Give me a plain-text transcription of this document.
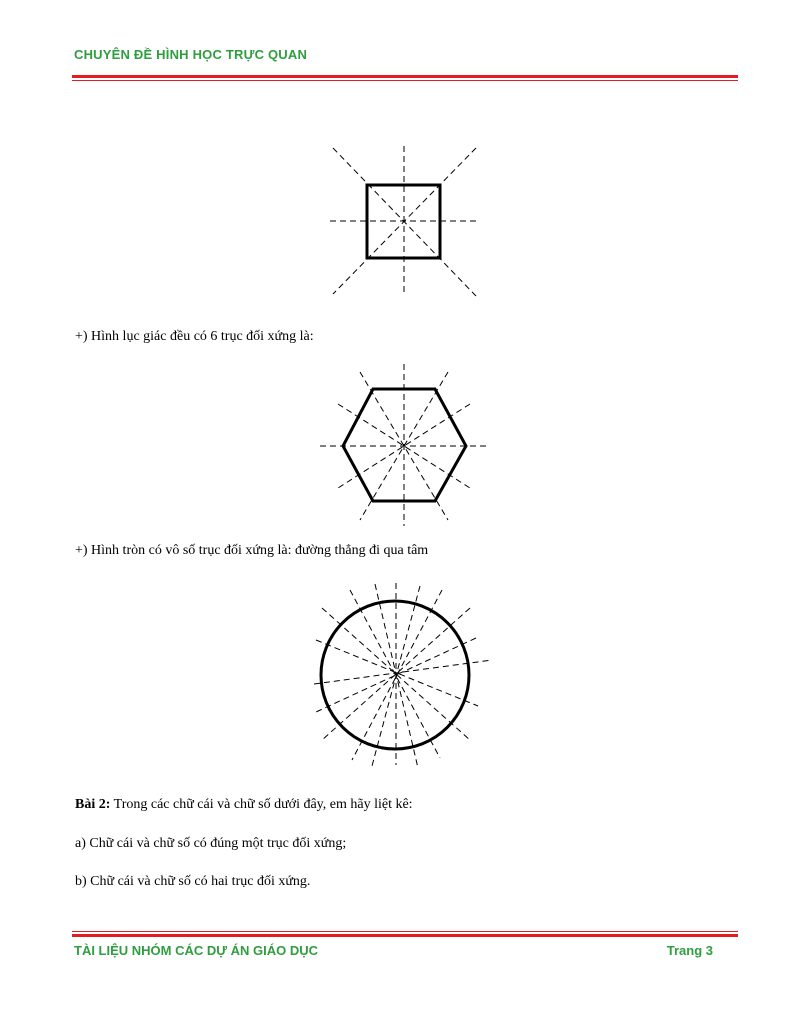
CHUYÊN ĐỀ HÌNH HỌC TRỰC QUAN
+) Hình lục giác đều có 6 trục đối xứng là:
+) Hình tròn có vô số trục đối xứng là: đường thẳng đi qua tâm
Bài 2: Trong các chữ cái và chữ số dưới đây, em hãy liệt kê:
a) Chữ cái và chữ số có đúng một trục đối xứng;
b) Chữ cái và chữ số có hai trục đối xứng.
TÀI LIỆU NHÓM CÁC DỰ ÁN GIÁO DỤC	Trang 3
